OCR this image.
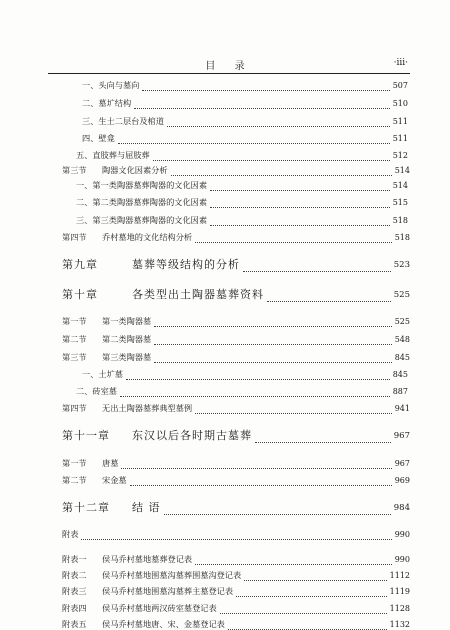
目 录	·iii·
一、头向与墓向	507
二、墓圹结构	510
三、生土二层台及棺道	511
四、壁龛	511
五、直肢葬与屈肢葬	512
第三节	陶器文化因素分析	514
一、第一类陶器墓葬陶器的文化因素	514
二、第二类陶器墓葬陶器的文化因素	515
三、第三类陶器墓葬陶器的文化因素	518
第四节	乔村墓地的文化结构分析	518
第九章	墓葬等级结构的分析	523
第十章	各类型出土陶器墓葬资料	525
第一节	第一类陶器墓	525
第二节	第二类陶器墓	548
第三节	第三类陶器墓	845
一、土圹墓	845
二、砖室墓	887
第四节	无出土陶器墓葬典型墓例	941
第十一章	东汉以后各时期古墓葬	967
第一节	唐墓	967
第二节	宋金墓	969
第十二章	结 语	984
附表	990
附表一	侯马乔村墓地墓葬登记表	990
附表二	侯马乔村墓地围墓沟墓葬围墓沟登记表	1112
附表三	侯马乔村墓地围墓沟墓葬主墓登记表	1119
附表四	侯马乔村墓地两汉砖室墓登记表	1128
附表五	侯马乔村墓地唐、宋、金墓登记表	1132
